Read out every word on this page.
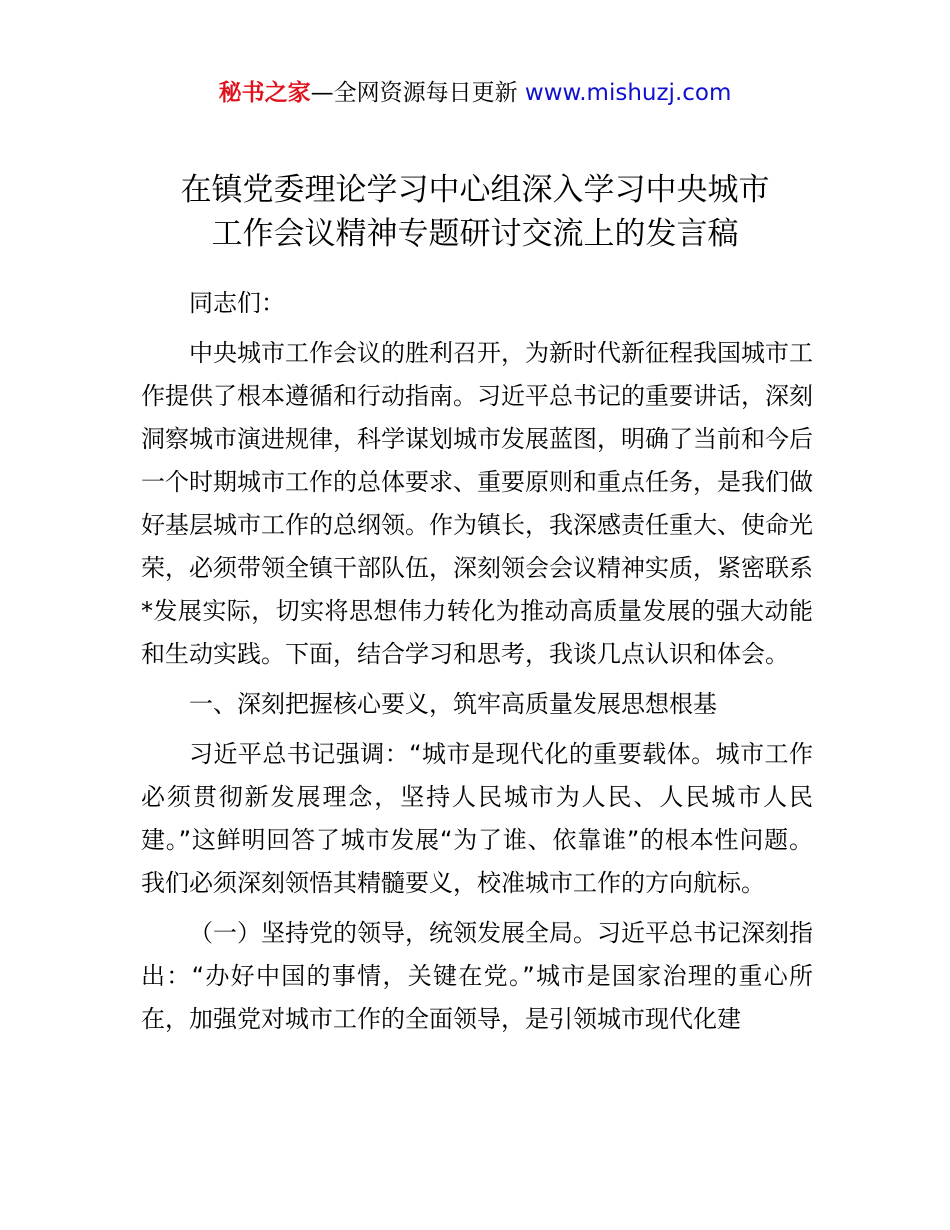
秘书之家—全网资源每日更新 www.mishuzj.com
在镇党委理论学习中心组深入学习中央城市
工作会议精神专题研讨交流上的发言稿

同志们：

中央城市工作会议的胜利召开，为新时代新征程我国城市工作提供了根本遵循和行动指南。习近平总书记的重要讲话，深刻洞察城市演进规律，科学谋划城市发展蓝图，明确了当前和今后一个时期城市工作的总体要求、重要原则和重点任务，是我们做好基层城市工作的总纲领。作为镇长，我深感责任重大、使命光荣，必须带领全镇干部队伍，深刻领会会议精神实质，紧密联系*发展实际，切实将思想伟力转化为推动高质量发展的强大动能和生动实践。下面，结合学习和思考，我谈几点认识和体会。

一、深刻把握核心要义，筑牢高质量发展思想根基

习近平总书记强调：“城市是现代化的重要载体。城市工作必须贯彻新发展理念，坚持人民城市为人民、人民城市人民建。”这鲜明回答了城市发展“为了谁、依靠谁”的根本性问题。我们必须深刻领悟其精髓要义，校准城市工作的方向航标。

（一）坚持党的领导，统领发展全局。习近平总书记深刻指出：“办好中国的事情，关键在党。”城市是国家治理的重心所在，加强党对城市工作的全面领导，是引领城市现代化建
